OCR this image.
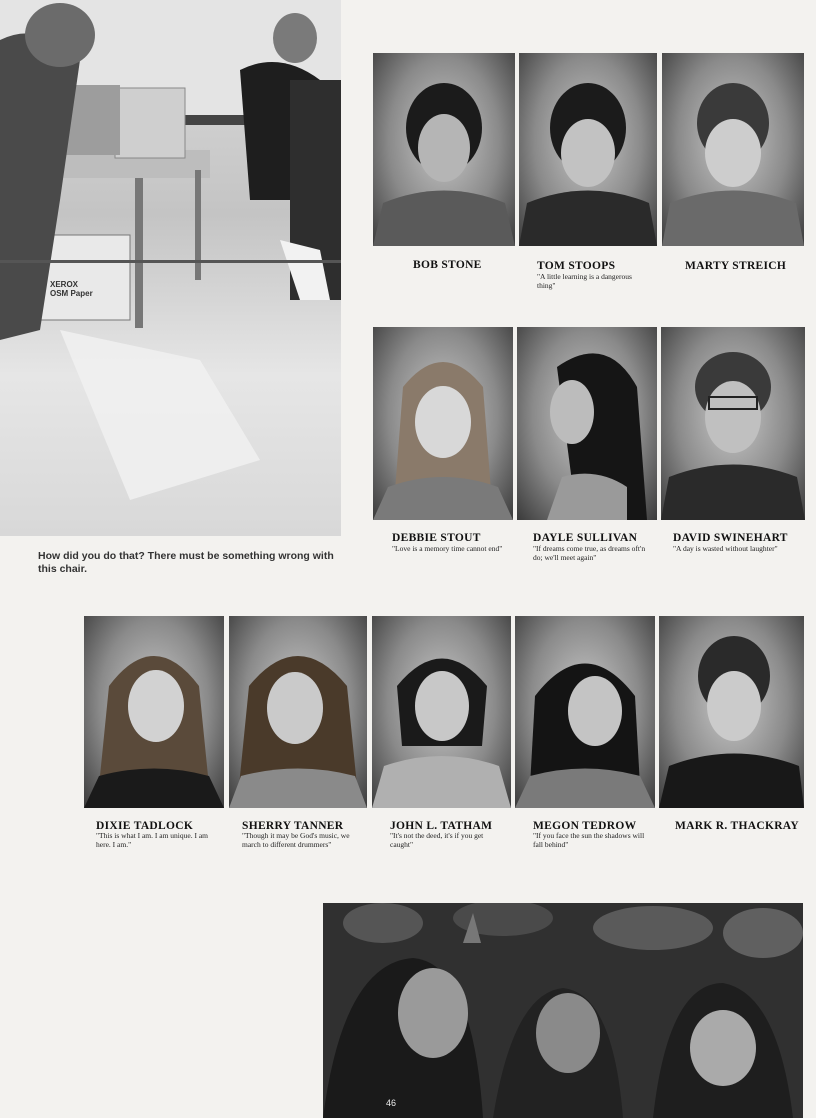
XEROX
OSM Paper
How did you do that? There must be something wrong with this chair.
BOB STONE	TOM STOOPS
"A little learning is a dangerous thing"
MARTY STREICH
DEBBIE STOUT
"Love is a memory time cannot end"
DAYLE SULLIVAN
"If dreams come true, as dreams oft'n do; we'll meet again"
DAVID SWINEHART
"A day is wasted without laughter"
DIXIE TADLOCK
"This is what I am. I am unique. I am here. I am."
SHERRY TANNER
"Though it may be God's music, we march to different drummers"
JOHN L. TATHAM
"It's not the deed, it's if you get caught"
MEGON TEDROW
"If you face the sun the shadows will fall behind"
MARK R. THACKRAY
46
